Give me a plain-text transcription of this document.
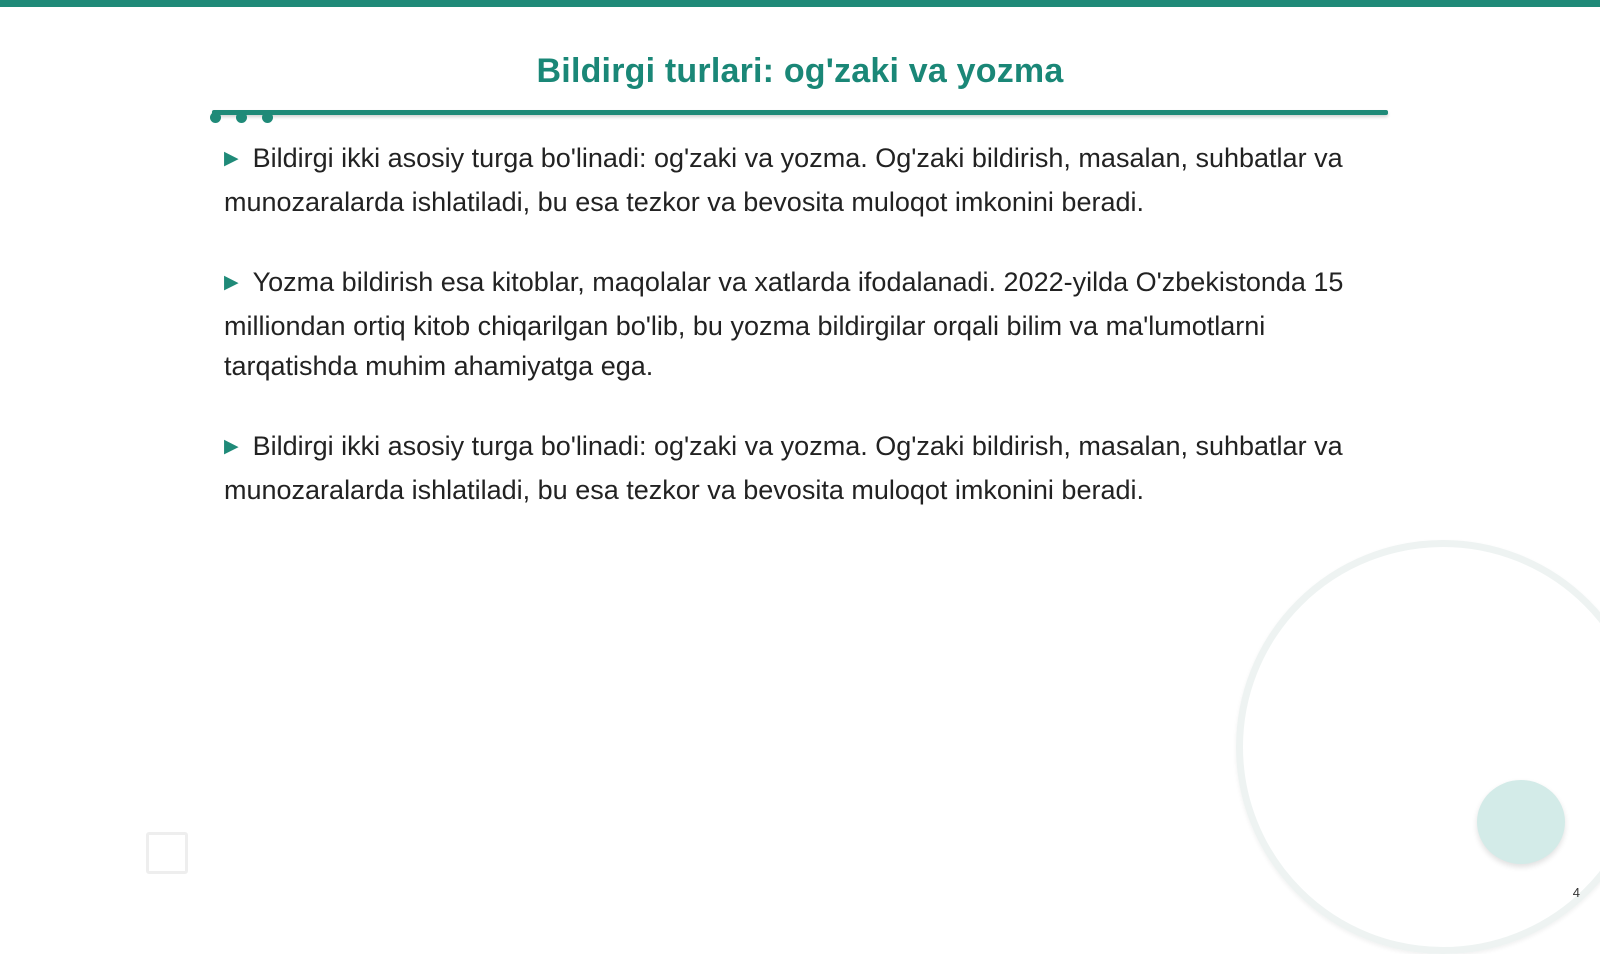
Bildirgi turlari: og'zaki va yozma

▶ Bildirgi ikki asosiy turga bo'linadi: og'zaki va yozma. Og'zaki bildirish, masalan, suhbatlar va munozaralarda ishlatiladi, bu esa tezkor va bevosita muloqot imkonini beradi.

▶ Yozma bildirish esa kitoblar, maqolalar va xatlarda ifodalanadi. 2022-yilda O'zbekistonda 15 milliondan ortiq kitob chiqarilgan bo'lib, bu yozma bildirgilar orqali bilim va ma'lumotlarni tarqatishda muhim ahamiyatga ega.

▶ Bildirgi ikki asosiy turga bo'linadi: og'zaki va yozma. Og'zaki bildirish, masalan, suhbatlar va munozaralarda ishlatiladi, bu esa tezkor va bevosita muloqot imkonini beradi.

4
